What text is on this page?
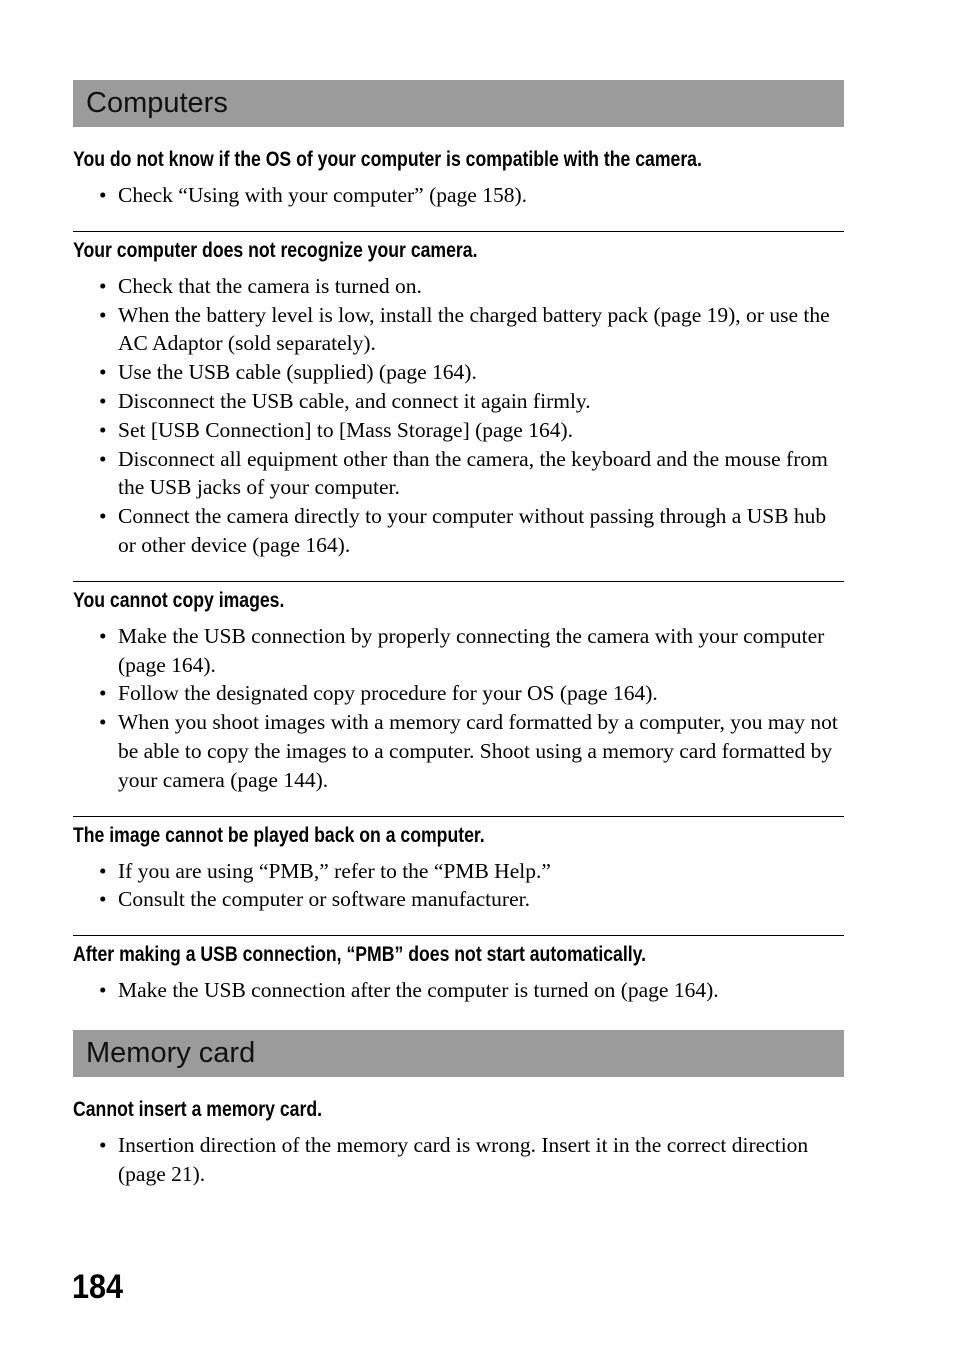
Computers
You do not know if the OS of your computer is compatible with the camera.
• Check “Using with your computer” (page 158).
Your computer does not recognize your camera.
• Check that the camera is turned on.
• When the battery level is low, install the charged battery pack (page 19), or use the AC Adaptor (sold separately).
• Use the USB cable (supplied) (page 164).
• Disconnect the USB cable, and connect it again firmly.
• Set [USB Connection] to [Mass Storage] (page 164).
• Disconnect all equipment other than the camera, the keyboard and the mouse from the USB jacks of your computer.
• Connect the camera directly to your computer without passing through a USB hub or other device (page 164).
You cannot copy images.
• Make the USB connection by properly connecting the camera with your computer (page 164).
• Follow the designated copy procedure for your OS (page 164).
• When you shoot images with a memory card formatted by a computer, you may not be able to copy the images to a computer. Shoot using a memory card formatted by your camera (page 144).
The image cannot be played back on a computer.
• If you are using “PMB,” refer to the “PMB Help.”
• Consult the computer or software manufacturer.
After making a USB connection, “PMB” does not start automatically.
• Make the USB connection after the computer is turned on (page 164).
Memory card
Cannot insert a memory card.
• Insertion direction of the memory card is wrong. Insert it in the correct direction (page 21).
184
